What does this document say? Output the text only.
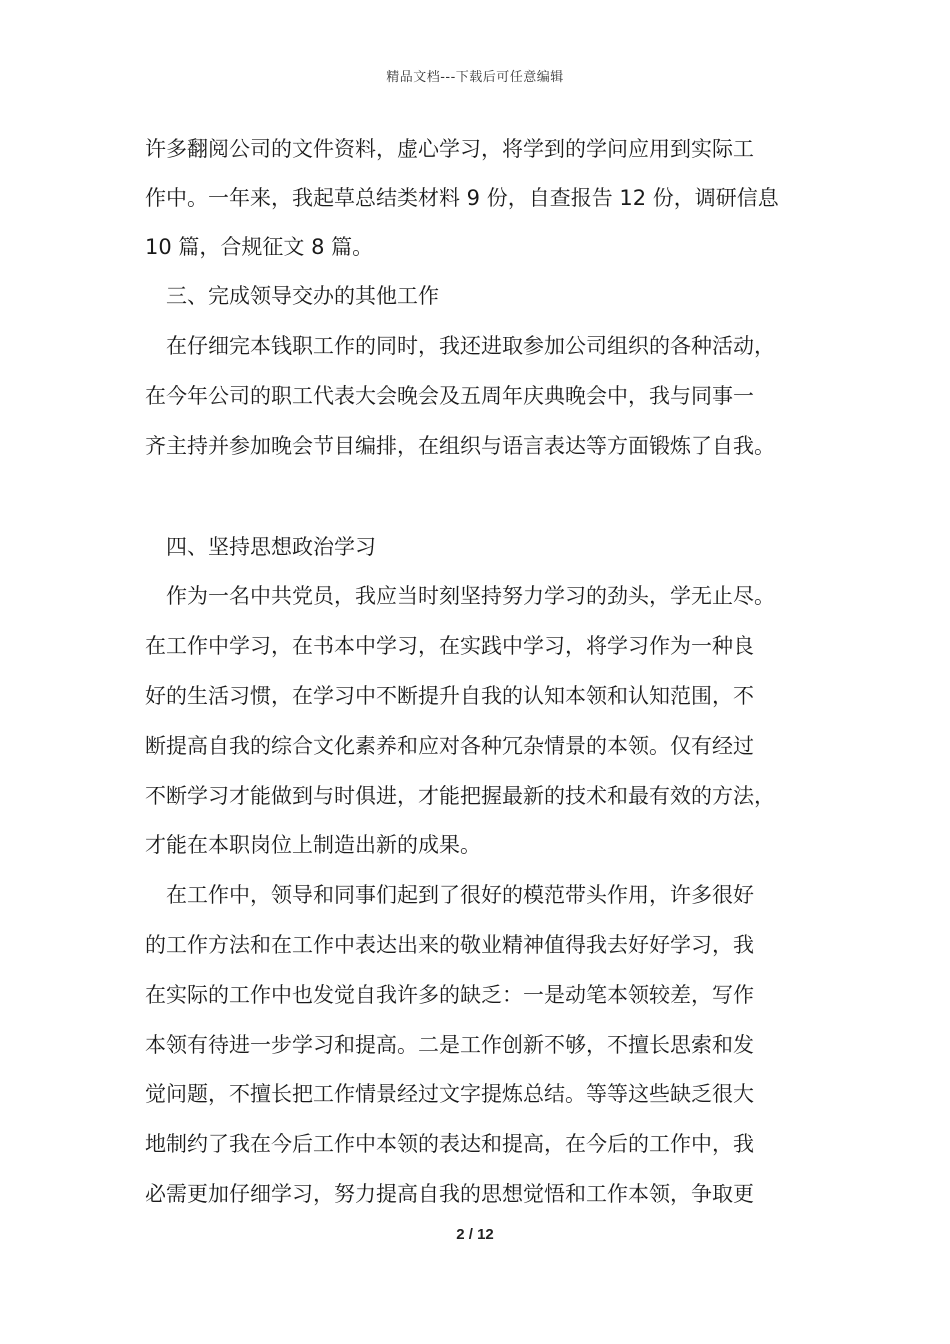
精品文档---下载后可任意编辑
许多翻阅公司的文件资料，虚心学习，将学到的学问应用到实际工
作中。一年来，我起草总结类材料 9 份，自查报告 12 份，调研信息
10 篇，合规征文 8 篇。
三、完成领导交办的其他工作
在仔细完本钱职工作的同时，我还进取参加公司组织的各种活动，
在今年公司的职工代表大会晚会及五周年庆典晚会中，我与同事一
齐主持并参加晚会节目编排，在组织与语言表达等方面锻炼了自我。
四、坚持思想政治学习
作为一名中共党员，我应当时刻坚持努力学习的劲头，学无止尽。
在工作中学习，在书本中学习，在实践中学习，将学习作为一种良
好的生活习惯，在学习中不断提升自我的认知本领和认知范围，不
断提高自我的综合文化素养和应对各种冗杂情景的本领。仅有经过
不断学习才能做到与时俱进，才能把握最新的技术和最有效的方法，
才能在本职岗位上制造出新的成果。
在工作中，领导和同事们起到了很好的模范带头作用，许多很好
的工作方法和在工作中表达出来的敬业精神值得我去好好学习，我
在实际的工作中也发觉自我许多的缺乏：一是动笔本领较差，写作
本领有待进一步学习和提高。二是工作创新不够，不擅长思索和发
觉问题，不擅长把工作情景经过文字提炼总结。等等这些缺乏很大
地制约了我在今后工作中本领的表达和提高，在今后的工作中，我
必需更加仔细学习，努力提高自我的思想觉悟和工作本领，争取更
2 / 12
